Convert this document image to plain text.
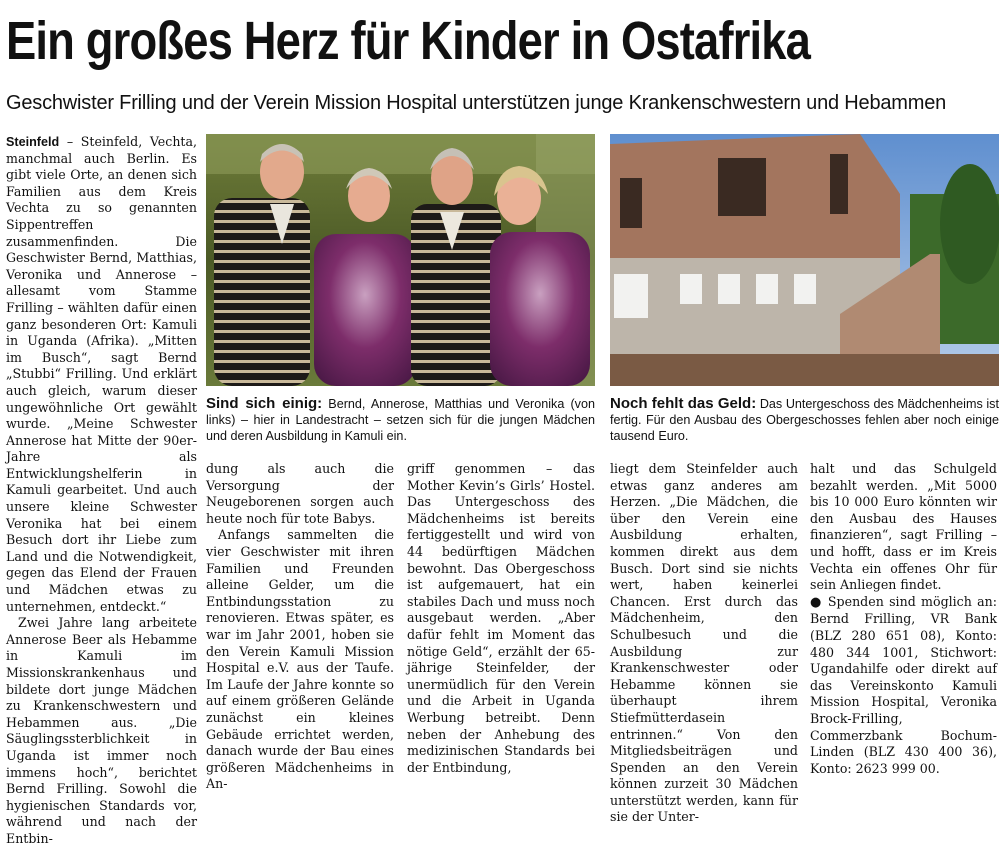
Ein großes Herz für Kinder in Ostafrika
Geschwister Frilling und der Verein Mission Hospital unterstützen junge Krankenschwestern und Hebammen

Steinfeld – Steinfeld, Vechta, manchmal auch Berlin. Es gibt viele Orte, an denen sich Familien aus dem Kreis Vechta zu so genannten Sippentreffen zusammenfinden. Die Geschwister Bernd, Matthias, Veronika und Annerose – allesamt vom Stamme Frilling – wählten dafür einen ganz besonderen Ort: Kamuli in Uganda (Afrika). „Mitten im Busch“, sagt Bernd „Stubbi“ Frilling. Und erklärt auch gleich, warum dieser ungewöhnliche Ort gewählt wurde. „Meine Schwester Annerose hat Mitte der 90er-Jahre als Entwicklungshelferin in Kamuli gearbeitet. Und auch unsere kleine Schwester Veronika hat bei einem Besuch dort ihr Liebe zum Land und die Notwendigkeit, gegen das Elend der Frauen und Mädchen etwas zu unternehmen, entdeckt.“

Zwei Jahre lang arbeitete Annerose Beer als Hebamme in Kamuli im Missionskrankenhaus und bildete dort junge Mädchen zu Krankenschwestern und Hebammen aus. „Die Säuglingssterblichkeit in Uganda ist immer noch immens hoch“, berichtet Bernd Frilling. Sowohl die hygienischen Standards vor, während und nach der Entbin-

Sind sich einig: Bernd, Annerose, Matthias und Veronika (von links) – hier in Landestracht – setzen sich für die jungen Mädchen und deren Ausbildung in Kamuli ein.
Noch fehlt das Geld: Das Untergeschoss des Mädchenheims ist fertig. Für den Ausbau des Obergeschosses fehlen aber noch einige tausend Euro.

dung als auch die Versorgung der Neugeborenen sorgen auch heute noch für tote Babys.

Anfangs sammelten die vier Geschwister mit ihren Familien und Freunden alleine Gelder, um die Entbindungsstation zu renovieren. Etwas später, es war im Jahr 2001, hoben sie den Verein Kamuli Mission Hospital e.V. aus der Taufe. Im Laufe der Jahre konnte so auf einem größeren Gelände zunächst ein kleines Gebäude errichtet werden, danach wurde der Bau eines größeren Mädchenheims in An-

griff genommen – das Mother Kevin’s Girls’ Hostel. Das Untergeschoss des Mädchenheims ist bereits fertiggestellt und wird von 44 bedürftigen Mädchen bewohnt. Das Obergeschoss ist aufgemauert, hat ein stabiles Dach und muss noch ausgebaut werden. „Aber dafür fehlt im Moment das nötige Geld“, erzählt der 65-jährige Steinfelder, der unermüdlich für den Verein und die Arbeit in Uganda Werbung betreibt. Denn neben der Anhebung des medizinischen Standards bei der Entbindung,

liegt dem Steinfelder auch etwas ganz anderes am Herzen. „Die Mädchen, die über den Verein eine Ausbildung erhalten, kommen direkt aus dem Busch. Dort sind sie nichts wert, haben keinerlei Chancen. Erst durch das Mädchenheim, den Schulbesuch und die Ausbildung zur Krankenschwester oder Hebamme können sie überhaupt ihrem Stiefmütterdasein entrinnen.“ Von den Mitgliedsbeiträgen und Spenden an den Verein können zurzeit 30 Mädchen unterstützt werden, kann für sie der Unter-

halt und das Schulgeld bezahlt werden. „Mit 5000 bis 10 000 Euro könnten wir den Ausbau des Hauses finanzieren“, sagt Frilling – und hofft, dass er im Kreis Vechta ein offenes Ohr für sein Anliegen findet.

● Spenden sind möglich an: Bernd Frilling, VR Bank (BLZ 280 651 08), Konto: 480 344 1001, Stichwort: Ugandahilfe oder direkt auf das Vereinskonto Kamuli Mission Hospital, Veronika Brock-Frilling, Commerzbank Bochum-Linden (BLZ 430 400 36), Konto: 2623 999 00.
